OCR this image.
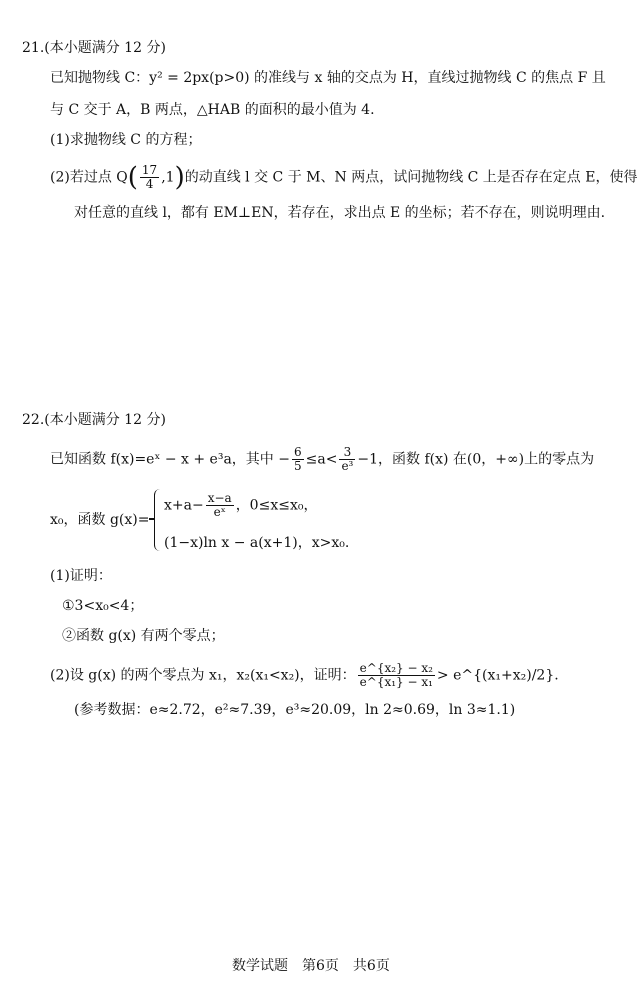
21.(本小题满分 12 分)
已知抛物线 C：y² = 2px(p>0) 的准线与 x 轴的交点为 H，直线过抛物线 C 的焦点 F 且
与 C 交于 A，B 两点，△HAB 的面积的最小值为 4.
(1)求抛物线 C 的方程；
(2)若过点 $Q( \frac{17}{4} ,1)$的动直线 l 交 C 于 M、N 两点，试问抛物线 C 上是否存在定点 E，使得
对任意的直线 l，都有 EM⊥EN，若存在，求出点 E 的坐标；若不存在，则说明理由.
22.(本小题满分 12 分)
已知函数 f(x)=eˣ − x + e³a，其中 − $\frac{6}{5} \le a< \frac{3}{\text{e³}} -1$，函数 f(x) 在(0，+∞)上的零点为
x₀，函数 g(x)=
$x+a- \frac{x-a}{\text{eˣ}}$ ，0≤x≤x₀，
(1−x)ln x − a(x+1)，x>x₀.
(1)证明：
①3<x₀<4；
②函数 g(x) 有两个零点；
(2)设 g(x) 的两个零点为 x₁，x₂(x₁<x₂)，证明： $\frac{\text{e\textasciicircum{}\{x₂\} − x₂}}{\text{e\textasciicircum{}\{x₁\} − x₁}}$ > e^{(x₁+x₂)/2}.
(参考数据：e≈2.72，e²≈7.39，e³≈20.09，ln 2≈0.69，ln 3≈1.1)
数学试题　第6页　共6页
